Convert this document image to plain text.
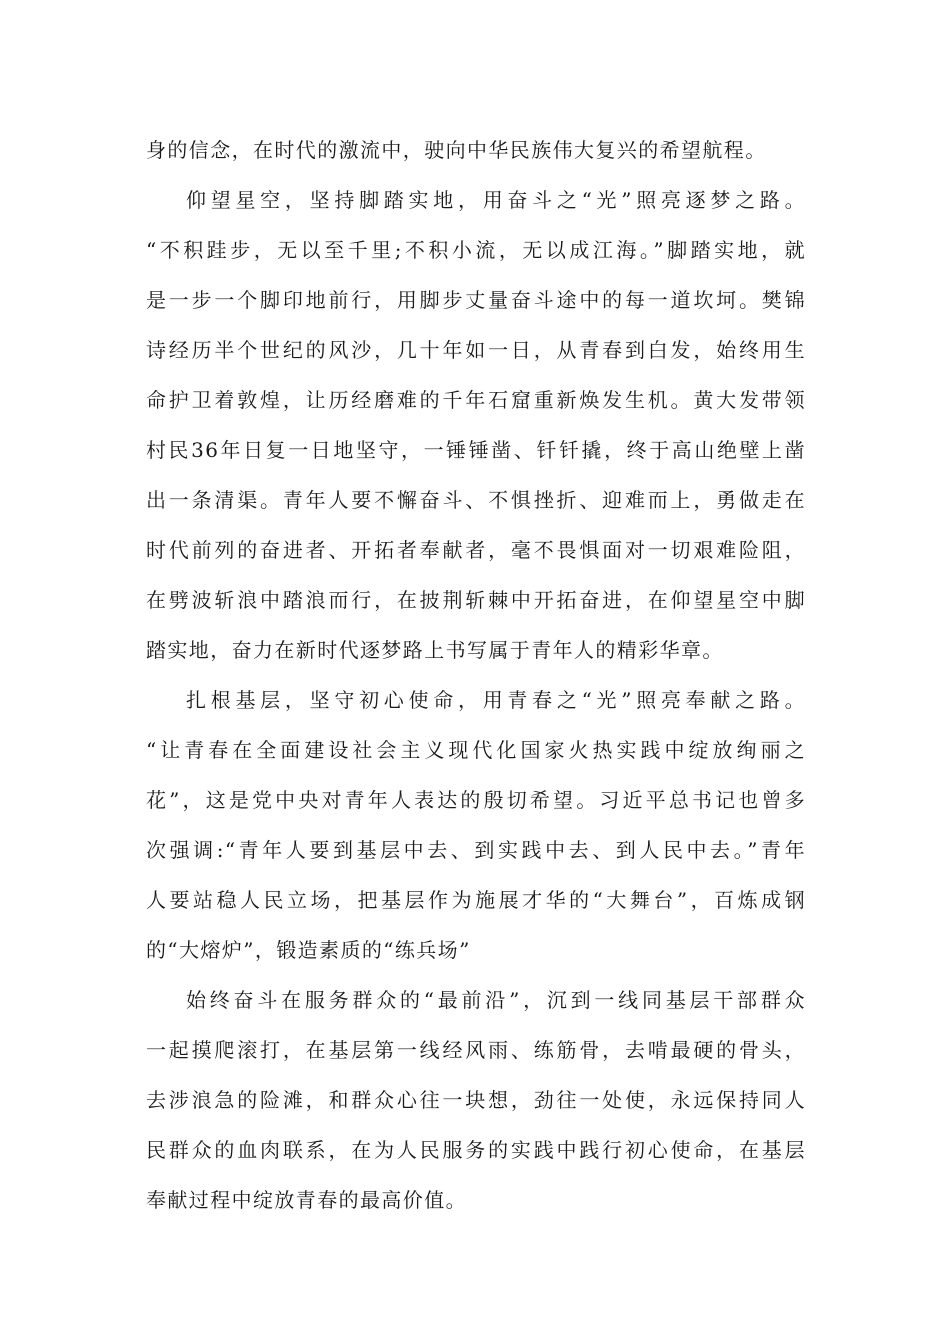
身的信念，在时代的激流中，驶向中华民族伟大复兴的希望航程。
仰望星空，坚持脚踏实地，用奋斗之“光”照亮逐梦之路。
“不积跬步，无以至千里;不积小流，无以成江海。”脚踏实地，就
是一步一个脚印地前行，用脚步丈量奋斗途中的每一道坎坷。樊锦
诗经历半个世纪的风沙，几十年如一日，从青春到白发，始终用生
命护卫着敦煌，让历经磨难的千年石窟重新焕发生机。黄大发带领
村民36年日复一日地坚守，一锤锤凿、钎钎撬，终于高山绝壁上凿
出一条清渠。青年人要不懈奋斗、不惧挫折、迎难而上，勇做走在
时代前列的奋进者、开拓者奉献者，毫不畏惧面对一切艰难险阻，
在劈波斩浪中踏浪而行，在披荆斩棘中开拓奋进，在仰望星空中脚
踏实地，奋力在新时代逐梦路上书写属于青年人的精彩华章。
扎根基层，坚守初心使命，用青春之“光”照亮奉献之路。
“让青春在全面建设社会主义现代化国家火热实践中绽放绚丽之
花”，这是党中央对青年人表达的殷切希望。习近平总书记也曾多
次强调:“青年人要到基层中去、到实践中去、到人民中去。”青年
人要站稳人民立场，把基层作为施展才华的“大舞台”，百炼成钢
的“大熔炉”，锻造素质的“练兵场”
始终奋斗在服务群众的“最前沿”，沉到一线同基层干部群众
一起摸爬滚打，在基层第一线经风雨、练筋骨，去啃最硬的骨头，
去涉浪急的险滩，和群众心往一块想，劲往一处使，永远保持同人
民群众的血肉联系，在为人民服务的实践中践行初心使命，在基层
奉献过程中绽放青春的最高价值。
